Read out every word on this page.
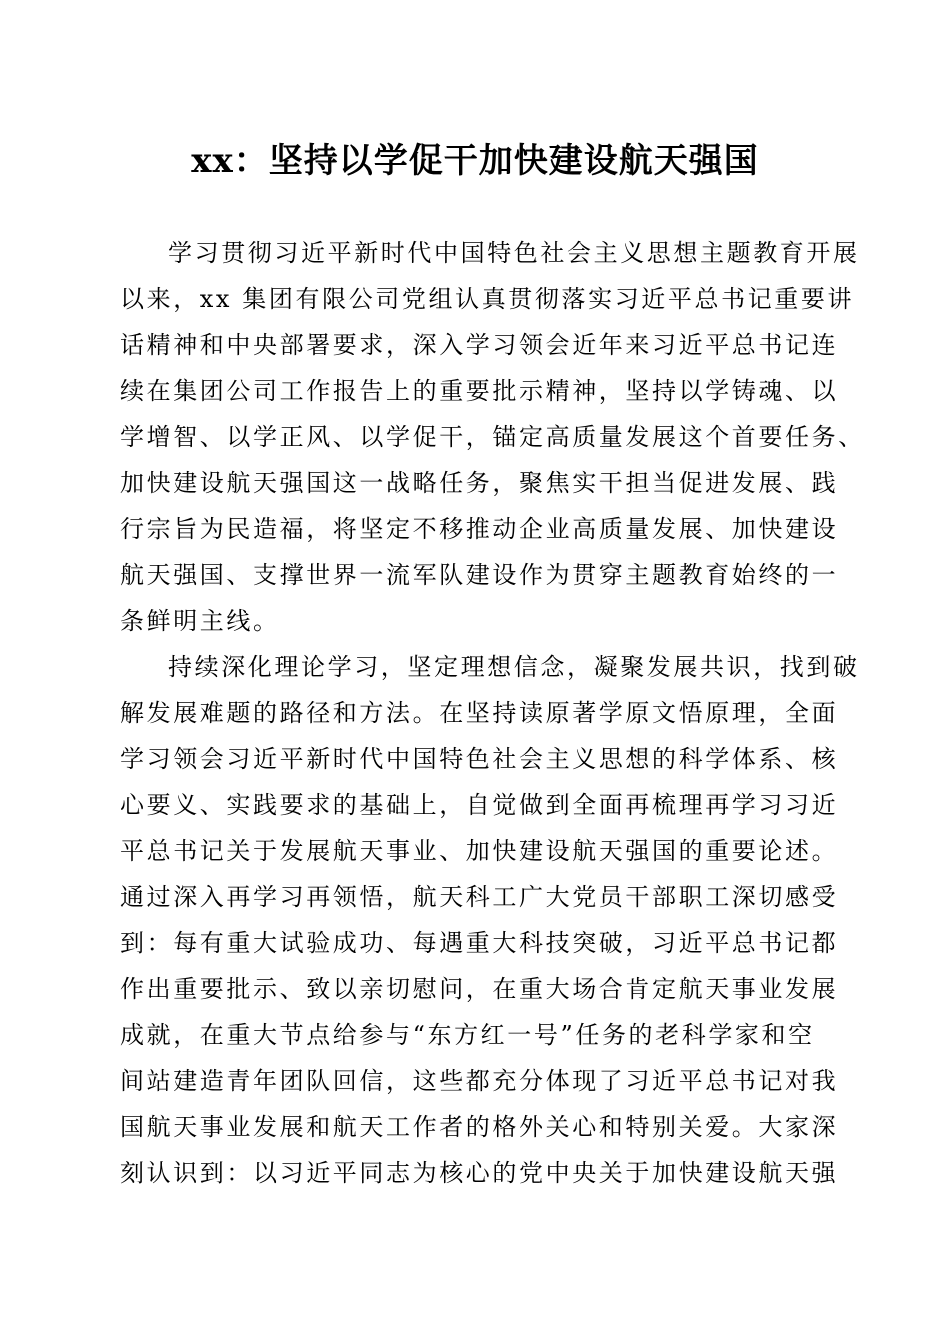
xx：坚持以学促干加快建设航天强国

学习贯彻习近平新时代中国特色社会主义思想主题教育开展
以来，xx 集团有限公司党组认真贯彻落实习近平总书记重要讲
话精神和中央部署要求，深入学习领会近年来习近平总书记连
续在集团公司工作报告上的重要批示精神，坚持以学铸魂、以
学增智、以学正风、以学促干，锚定高质量发展这个首要任务、
加快建设航天强国这一战略任务，聚焦实干担当促进发展、践
行宗旨为民造福，将坚定不移推动企业高质量发展、加快建设
航天强国、支撑世界一流军队建设作为贯穿主题教育始终的一
条鲜明主线。

持续深化理论学习，坚定理想信念，凝聚发展共识，找到破
解发展难题的路径和方法。在坚持读原著学原文悟原理，全面
学习领会习近平新时代中国特色社会主义思想的科学体系、核
心要义、实践要求的基础上，自觉做到全面再梳理再学习习近
平总书记关于发展航天事业、加快建设航天强国的重要论述。
通过深入再学习再领悟，航天科工广大党员干部职工深切感受
到：每有重大试验成功、每遇重大科技突破，习近平总书记都
作出重要批示、致以亲切慰问，在重大场合肯定航天事业发展
成就，在重大节点给参与“东方红一号”任务的老科学家和空
间站建造青年团队回信，这些都充分体现了习近平总书记对我
国航天事业发展和航天工作者的格外关心和特别关爱。大家深
刻认识到：以习近平同志为核心的党中央关于加快建设航天强
